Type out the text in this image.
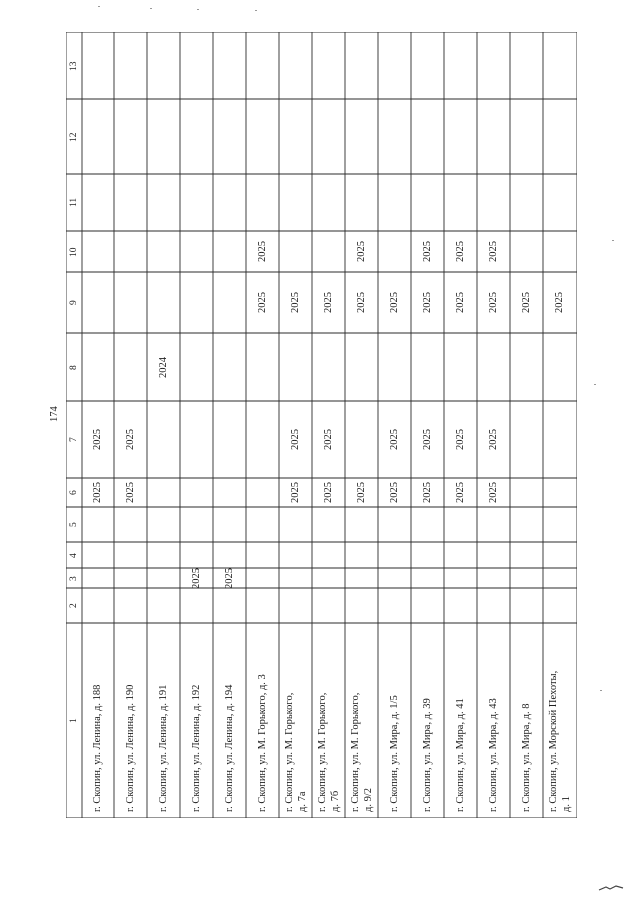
174
1
2
3
4
5
6
7
8
9
10
11
12
13
г. Скопин, ул. Ленина, д. 188
2025
2025
г. Скопин, ул. Ленина, д. 190
2025
2025
г. Скопин, ул. Ленина, д. 191
2024
г. Скопин, ул. Ленина, д. 192
2025
г. Скопин, ул. Ленина, д. 194
2025
г. Скопин, ул. М. Горького, д. 3
2025
2025
г. Скопин, ул. М. Горького, д. 7а
2025
2025
2025
г. Скопин, ул. М. Горького, д. 7б
2025
2025
2025
г. Скопин, ул. М. Горького, д. 9/2
2025
2025
2025
г. Скопин, ул. Мира, д. 1/5
2025
2025
2025
г. Скопин, ул. Мира, д. 39
2025
2025
2025
2025
г. Скопин, ул. Мира, д. 41
2025
2025
2025
2025
г. Скопин, ул. Мира, д. 43
2025
2025
2025
2025
г. Скопин, ул. Мира, д. 8
2025
г. Скопин, ул. Морской Пехоты, д. 1
2025
